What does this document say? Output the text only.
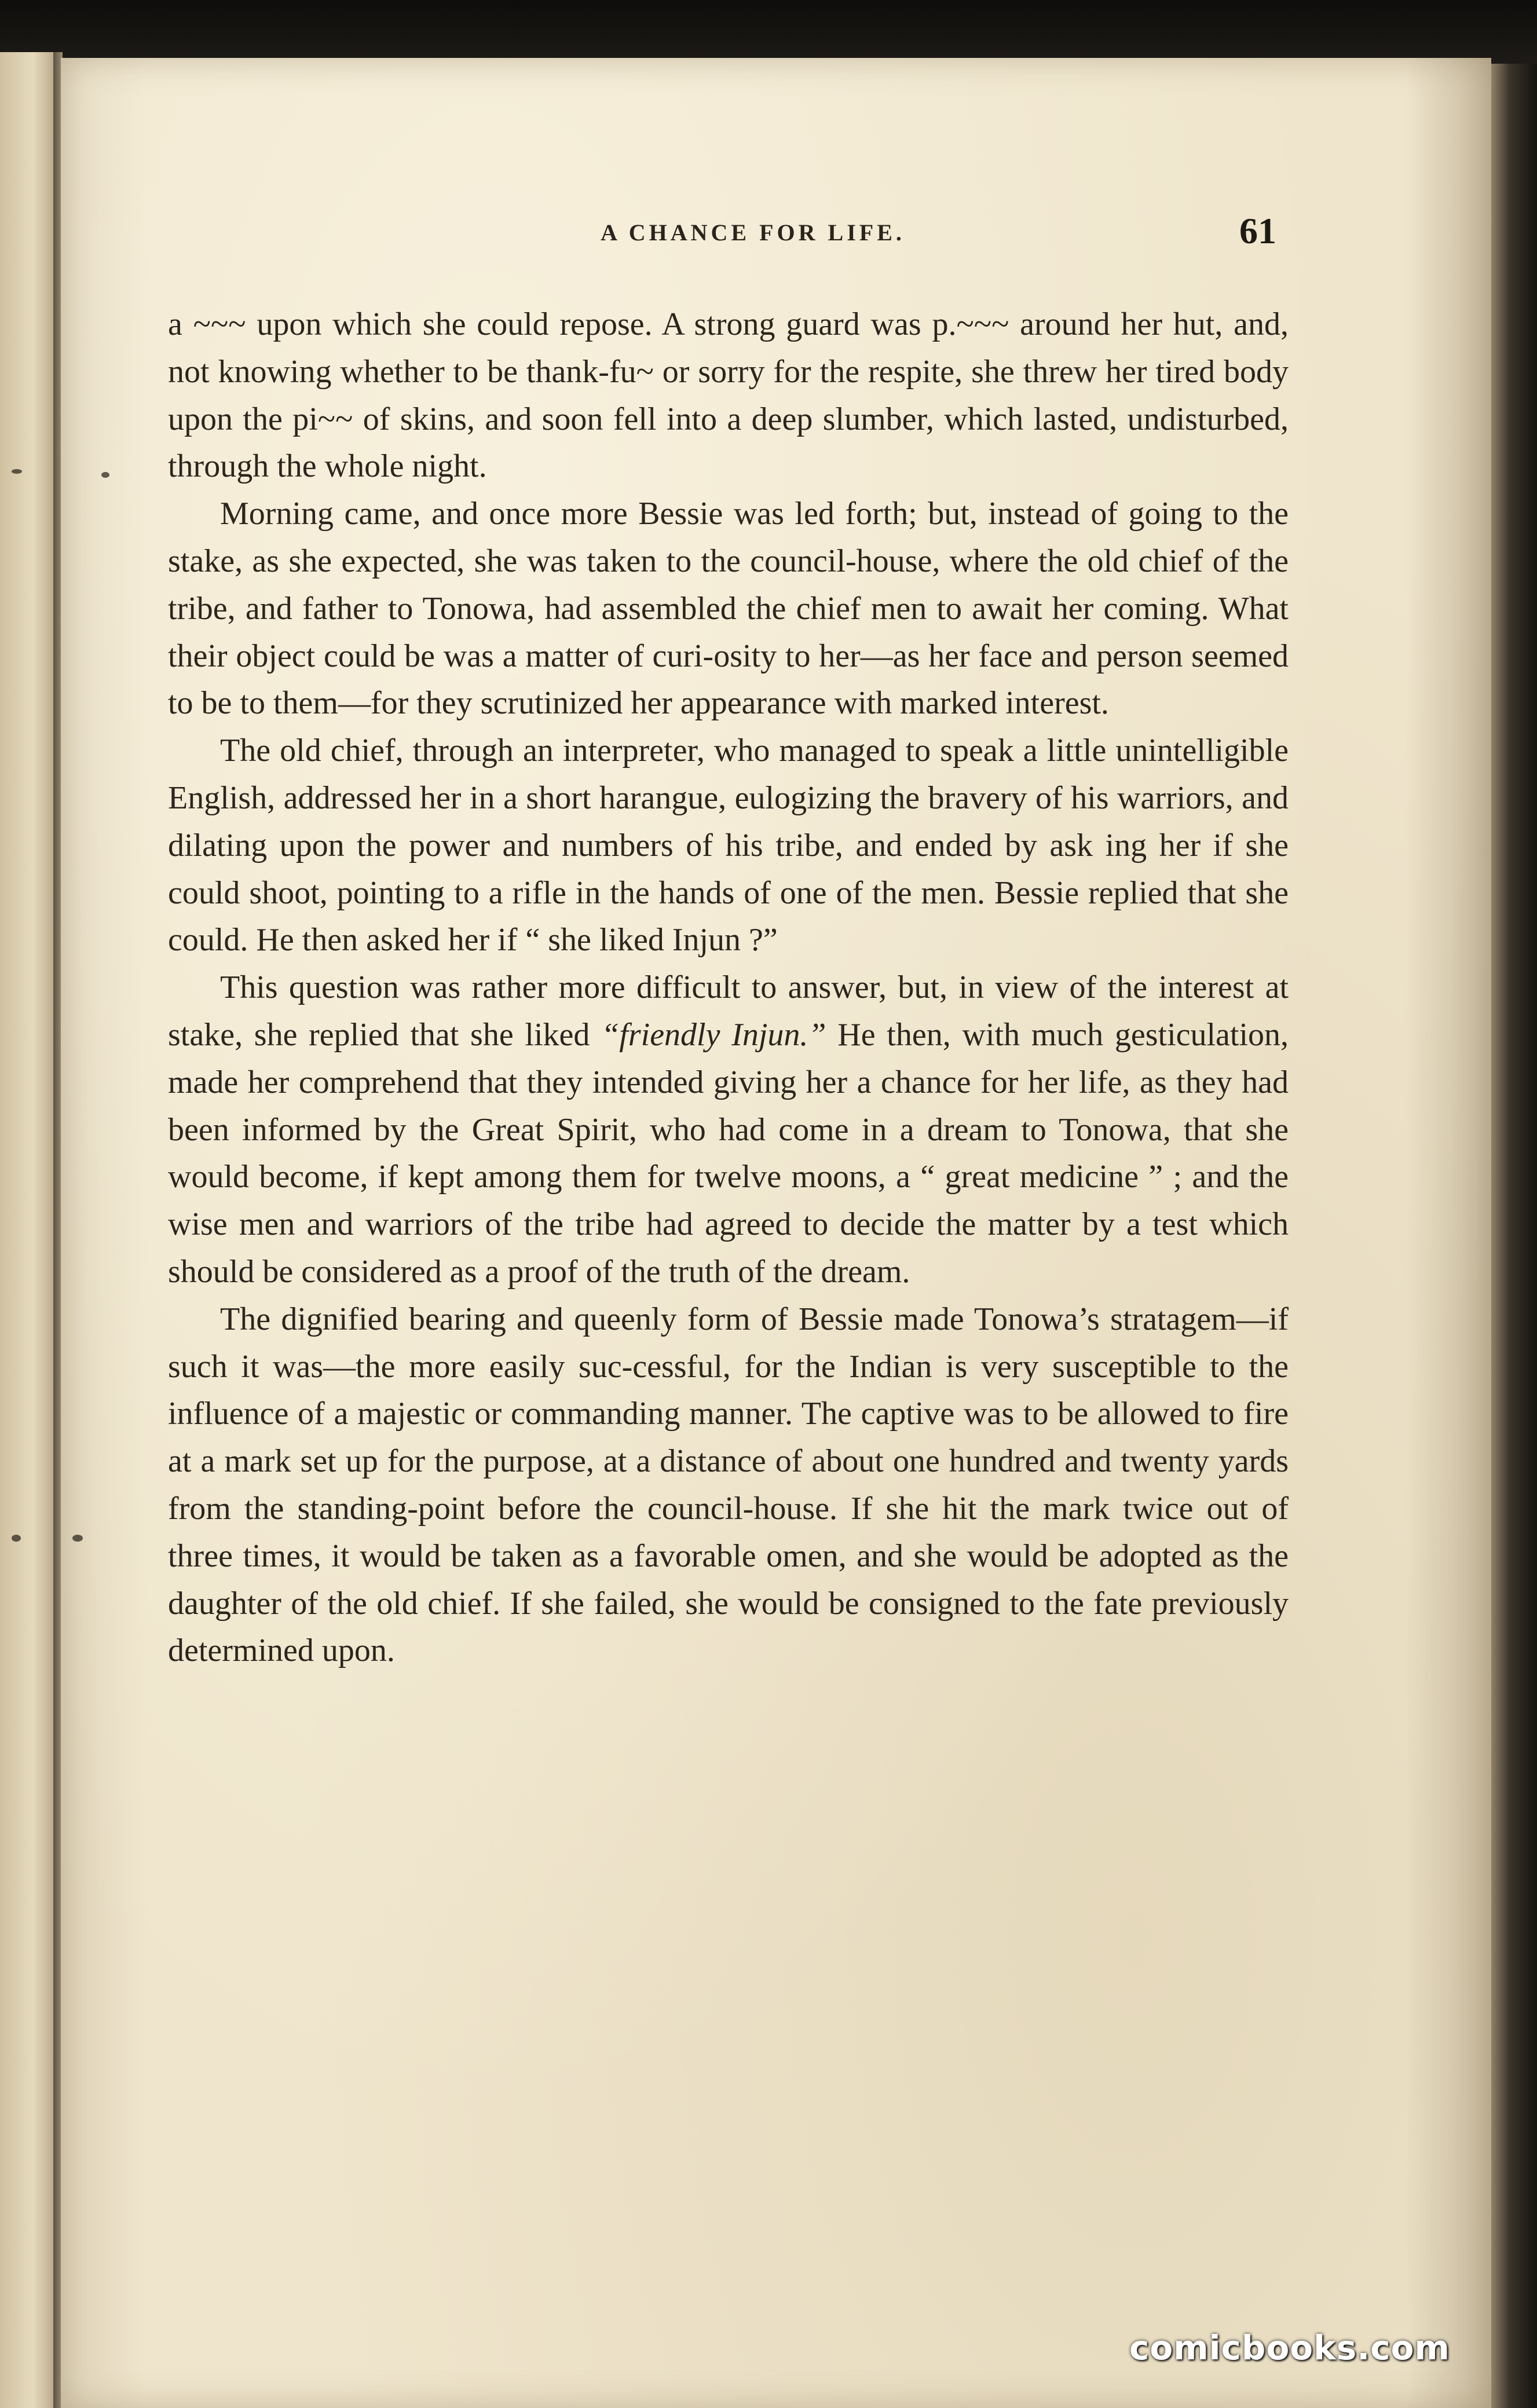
A CHANCE FOR LIFE.	61

a ~~~ upon which she could repose. A strong guard was p.~~~ around her hut, and, not knowing whether to be thank-fu~ or sorry for the respite, she threw her tired body upon the pi~~ of skins, and soon fell into a deep slumber, which lasted, undisturbed, through the whole night.

Morning came, and once more Bessie was led forth; but, instead of going to the stake, as she expected, she was taken to the council-house, where the old chief of the tribe, and father to Tonowa, had assembled the chief men to await her coming. What their object could be was a matter of curi-osity to her—as her face and person seemed to be to them—for they scrutinized her appearance with marked interest.

The old chief, through an interpreter, who managed to speak a little unintelligible English, addressed her in a short harangue, eulogizing the bravery of his warriors, and dilating upon the power and numbers of his tribe, and ended by ask ing her if she could shoot, pointing to a rifle in the hands of one of the men. Bessie replied that she could. He then asked her if “ she liked Injun ?”

This question was rather more difficult to answer, but, in view of the interest at stake, she replied that she liked “friendly Injun.” He then, with much gesticulation, made her comprehend that they intended giving her a chance for her life, as they had been informed by the Great Spirit, who had come in a dream to Tonowa, that she would become, if kept among them for twelve moons, a “ great medicine ” ; and the wise men and warriors of the tribe had agreed to decide the matter by a test which should be considered as a proof of the truth of the dream.

The dignified bearing and queenly form of Bessie made Tonowa’s stratagem—if such it was—the more easily suc-cessful, for the Indian is very susceptible to the influence of a majestic or commanding manner. The captive was to be allowed to fire at a mark set up for the purpose, at a distance of about one hundred and twenty yards from the standing-point before the council-house. If she hit the mark twice out of three times, it would be taken as a favorable omen, and she would be adopted as the daughter of the old chief. If she failed, she would be consigned to the fate previously determined upon.

comicbooks.com
